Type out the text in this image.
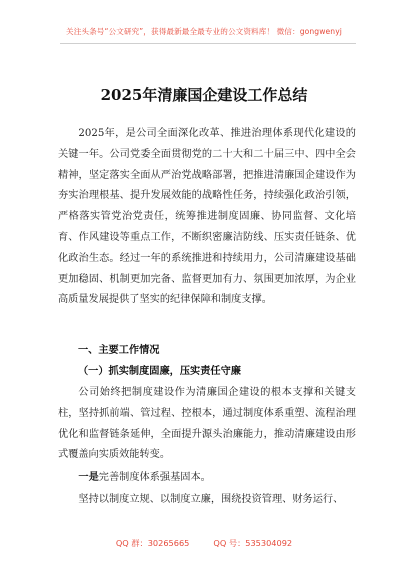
关注头条号“公文研究”，获得最新最全最专业的公文资料库！ 微信：gongwenyj
2025年清廉国企建设工作总结
2025年，是公司全面深化改革、推进治理体系现代化建设的关键一年。公司党委全面贯彻党的二十大和二十届三中、四中全会精神，坚定落实全面从严治党战略部署，把推进清廉国企建设作为夯实治理根基、提升发展效能的战略性任务，持续强化政治引领，严格落实管党治党责任，统筹推进制度固廉、协同监督、文化培育、作风建设等重点工作，不断织密廉洁防线、压实责任链条、优化政治生态。经过一年的系统推进和持续用力，公司清廉建设基础更加稳固、机制更加完备、监督更加有力、氛围更加浓厚，为企业高质量发展提供了坚实的纪律保障和制度支撑。
一、主要工作情况
（一）抓实制度固廉，压实责任守廉
公司始终把制度建设作为清廉国企建设的根本支撑和关键支柱，坚持抓前端、管过程、控根本，通过制度体系重塑、流程治理优化和监督链条延伸，全面提升源头治廉能力，推动清廉建设由形式覆盖向实质效能转变。
一是完善制度体系强基固本。
坚持以制度立规、以制度立廉，围绕投资管理、财务运行、
QQ 群：30265665	QQ 号：535304092
